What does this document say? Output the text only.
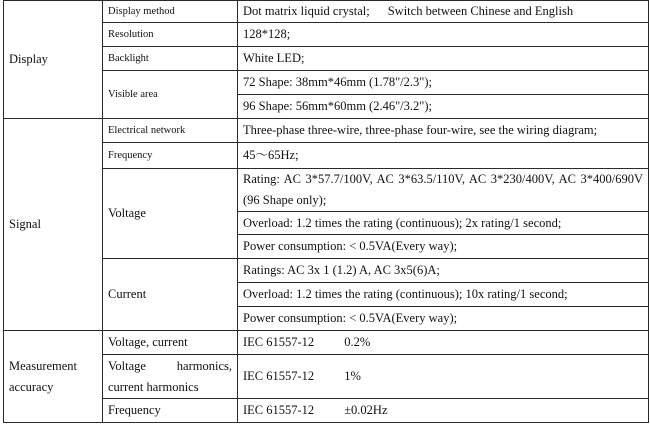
Display	Display method	Dot matrix liquid crystal; Switch between Chinese and English
	Resolution	128*128;
	Backlight	White LED;
	Visible area	72 Shape: 38mm*46mm (1.78"/2.3");
		96 Shape: 56mm*60mm (2.46"/3.2");
Signal	Electrical network	Three-phase three-wire, three-phase four-wire, see the wiring diagram;
	Frequency	45～65Hz;
	Voltage	Rating: AC 3*57.7/100V, AC 3*63.5/110V, AC 3*230/400V, AC 3*400/690V (96 Shape only);
		Overload: 1.2 times the rating (continuous); 2x rating/1 second;
		Power consumption: < 0.5VA(Every way);
	Current	Ratings: AC 3x 1 (1.2) A, AC 3x5(6)A;
		Overload: 1.2 times the rating (continuous); 10x rating/1 second;
		Power consumption: < 0.5VA(Every way);
Measurement accuracy	Voltage, current	IEC 61557-12 0.2%
	Voltage harmonics, current harmonics	IEC 61557-12 1%
	Frequency	IEC 61557-12 ±0.02Hz
